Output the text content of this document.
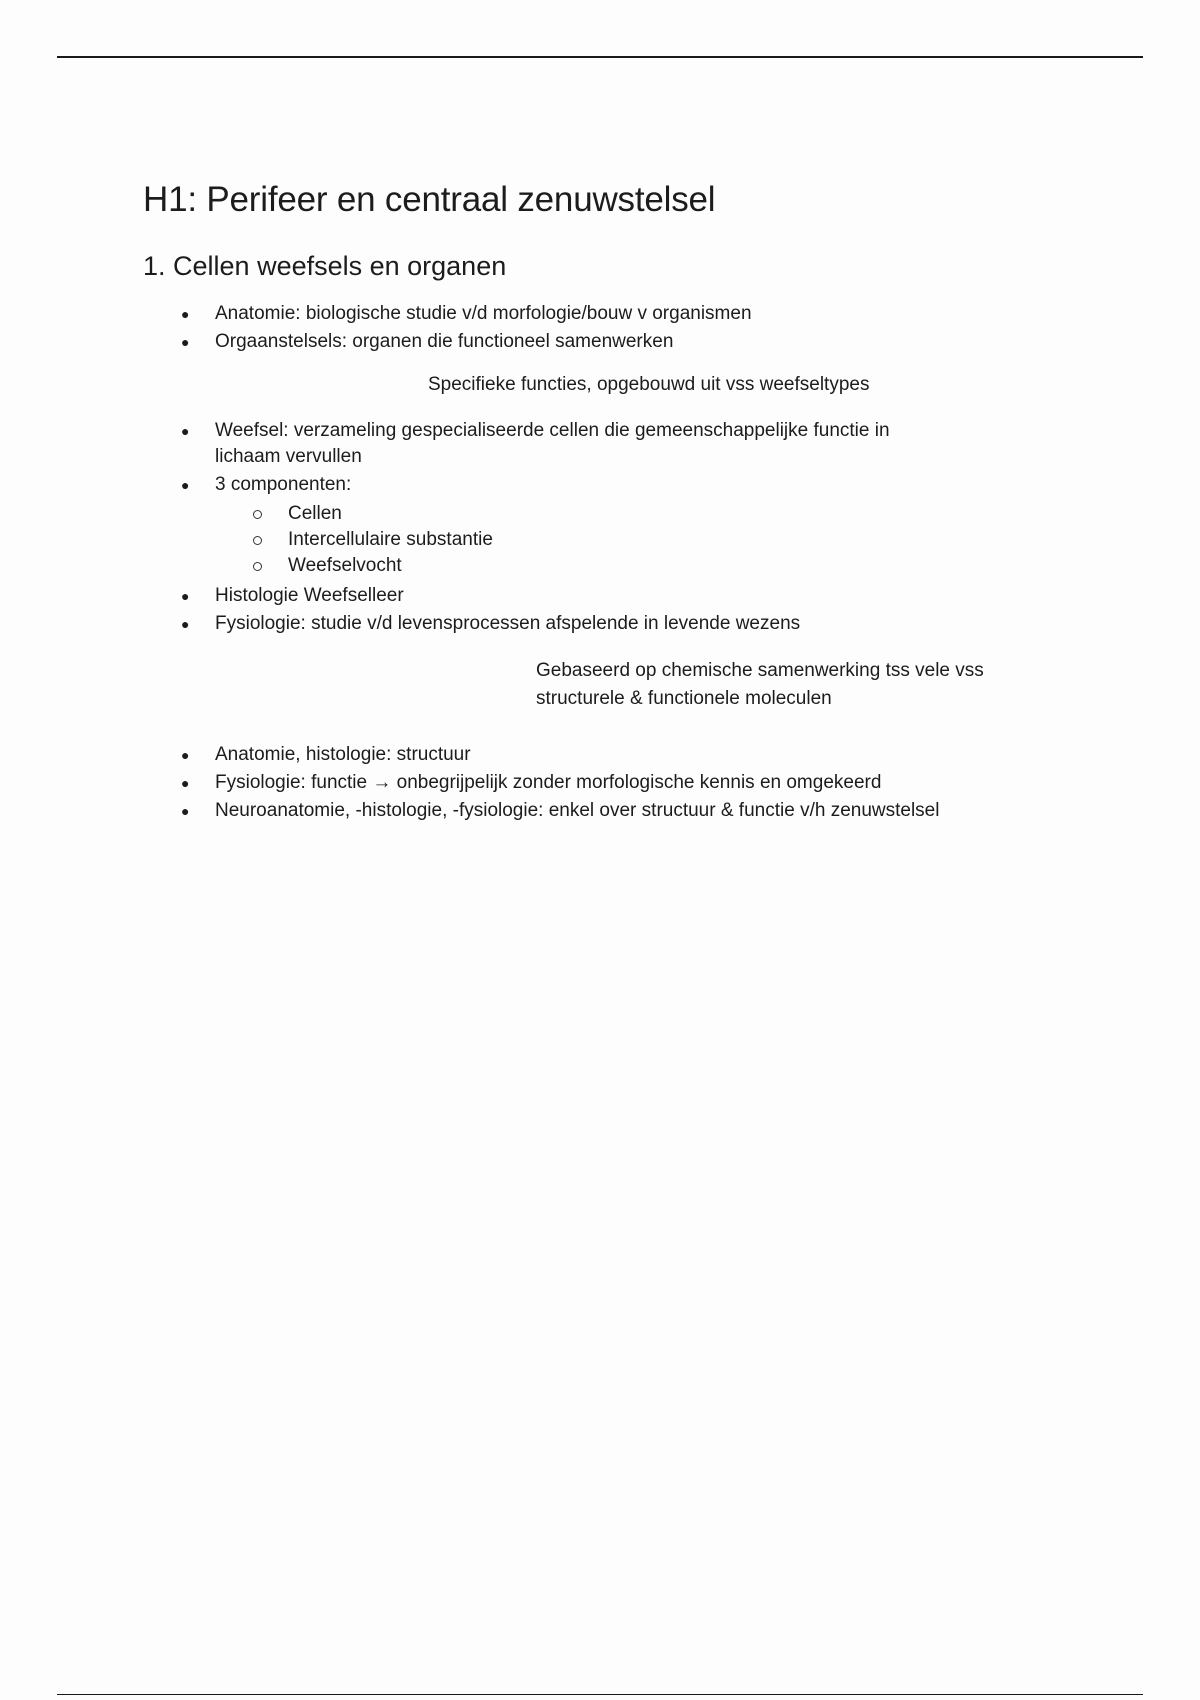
H1: Perifeer en centraal zenuwstelsel
1. Cellen weefsels en organen
● Anatomie: biologische studie v/d morfologie/bouw v organismen
● Orgaanstelsels: organen die functioneel samenwerken
Specifieke functies, opgebouwd uit vss weefseltypes
● Weefsel: verzameling gespecialiseerde cellen die gemeenschappelijke functie in
lichaam vervullen
● 3 componenten:
Cellen
Intercellulaire substantie
Weefselvocht
● Histologie Weefselleer
● Fysiologie: studie v/d levensprocessen afspelende in levende wezens
Gebaseerd op chemische samenwerking tss vele vss
structurele & functionele moleculen
● Anatomie, histologie: structuur
● Fysiologie: functie → onbegrijpelijk zonder morfologische kennis en omgekeerd
● Neuroanatomie, -histologie, -fysiologie: enkel over structuur & functie v/h zenuwstelsel
